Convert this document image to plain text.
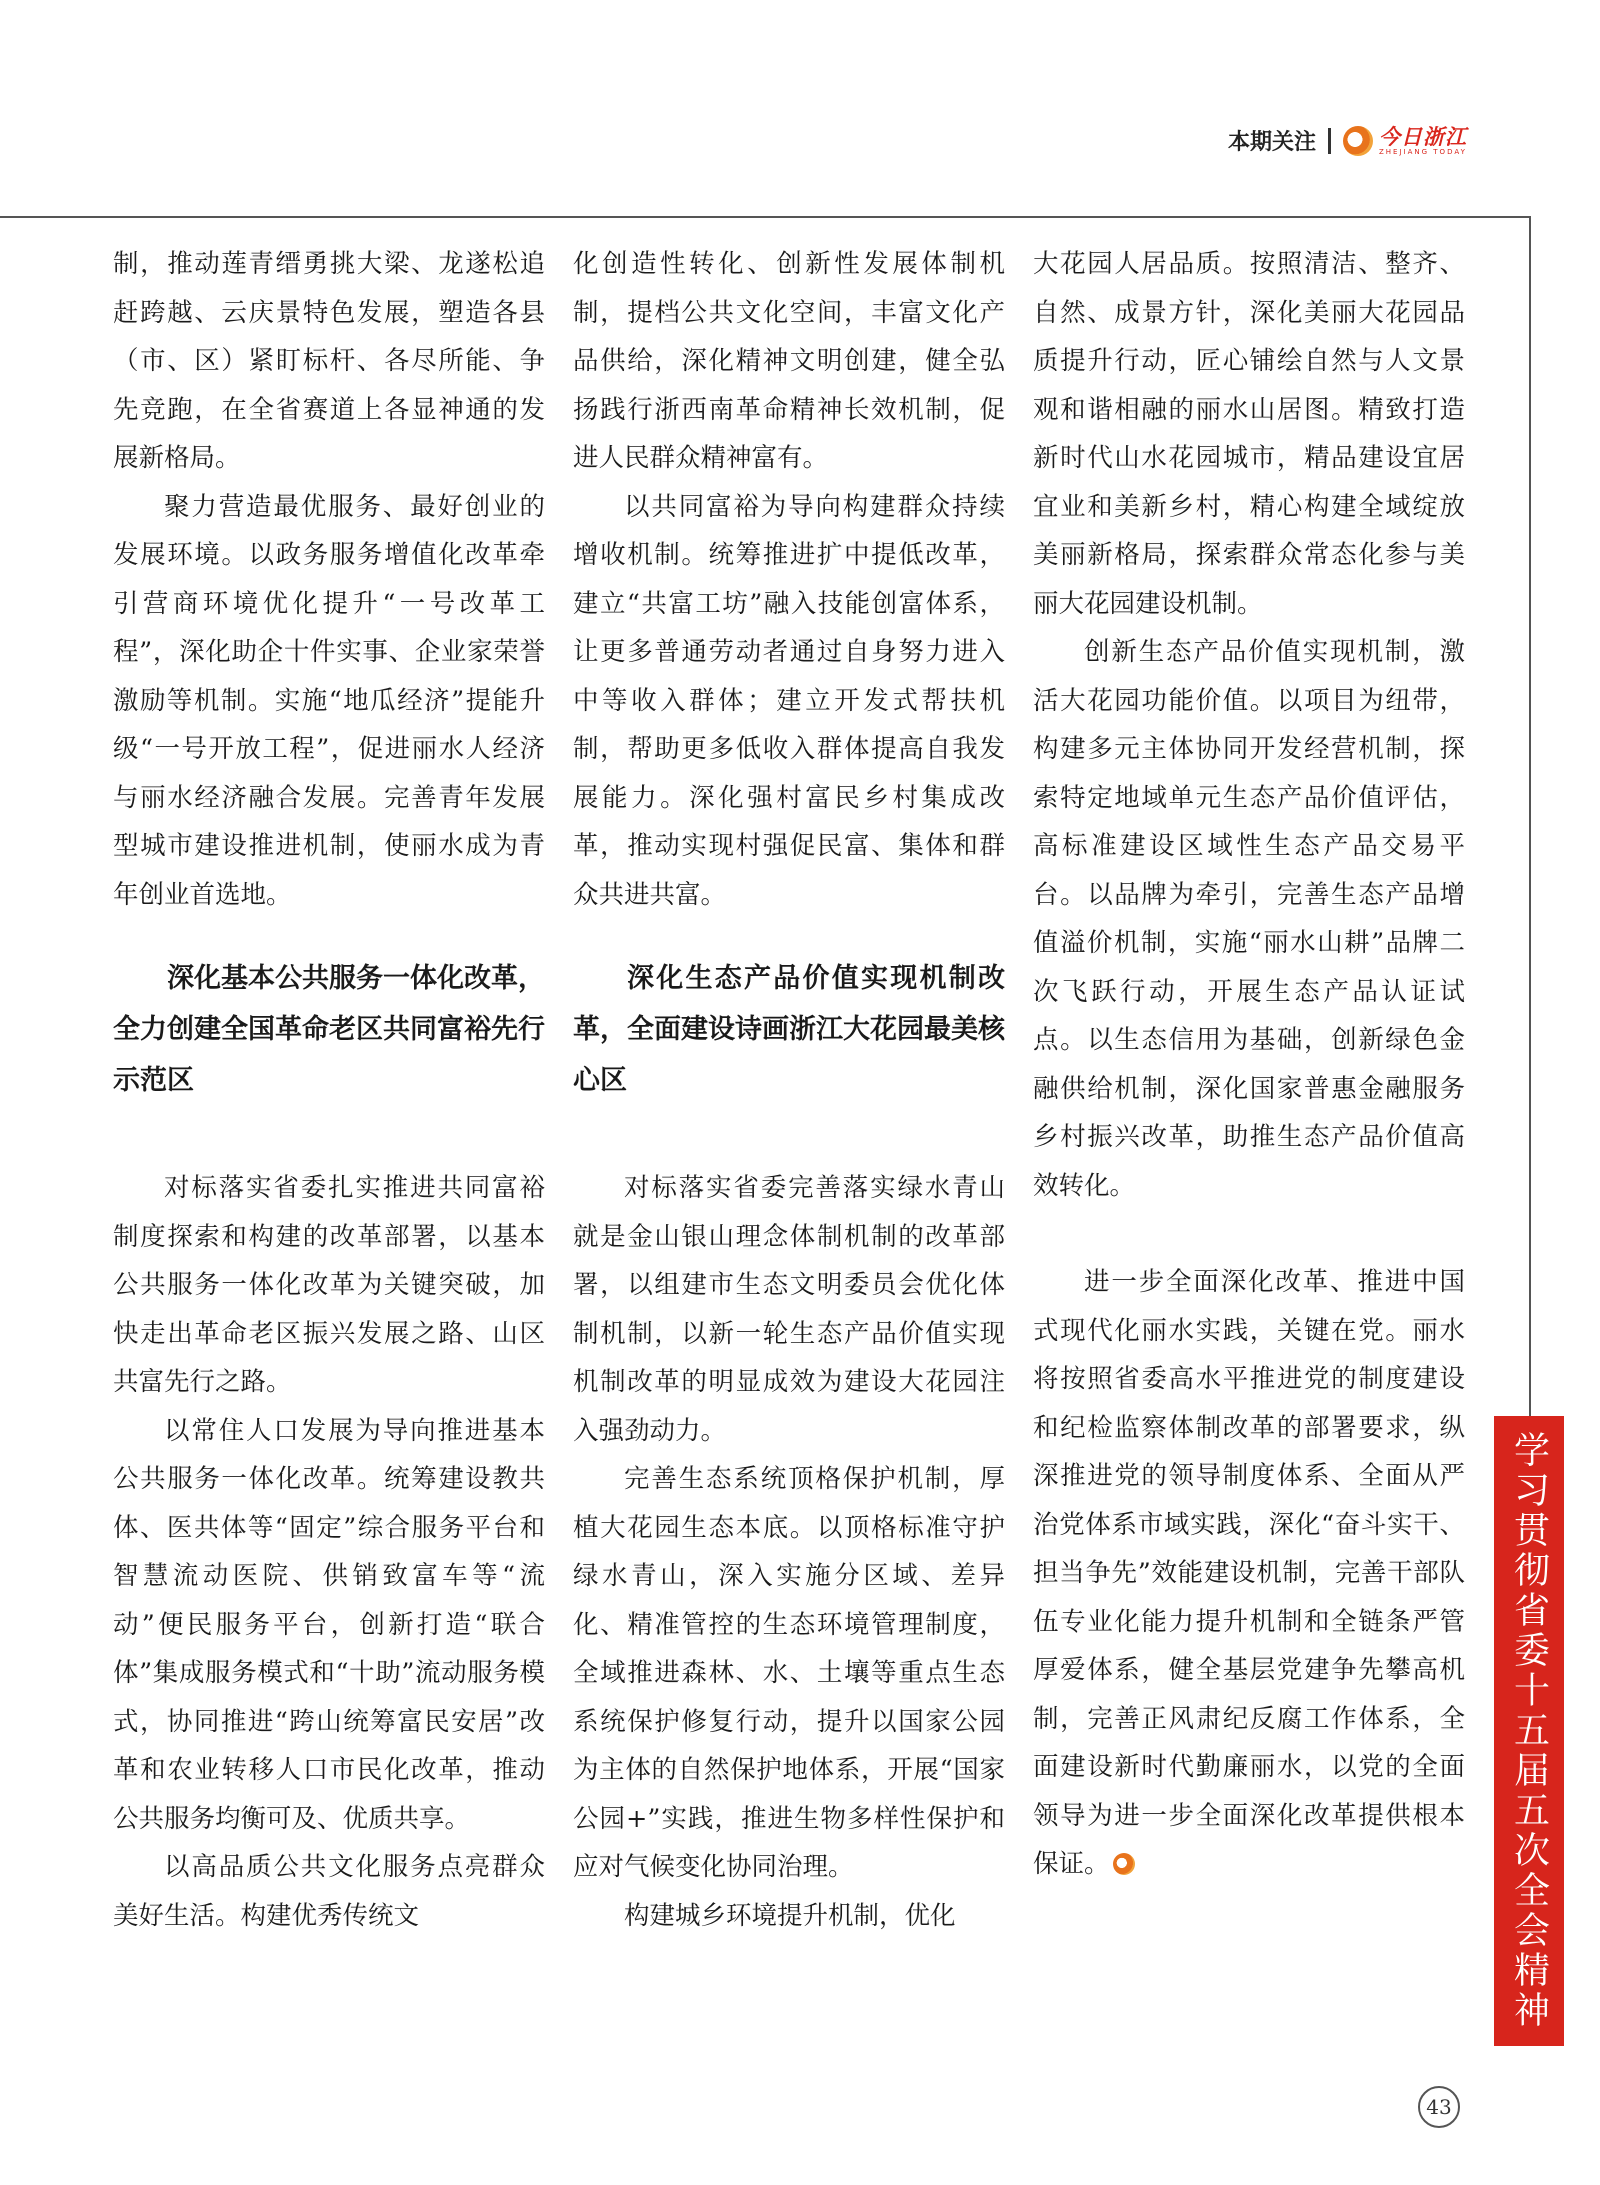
本期关注	今日浙江
ZHEJIANG TODAY

制，推动莲青缙勇挑大梁、龙遂松追赶跨越、云庆景特色发展，塑造各县（市、区）紧盯标杆、各尽所能、争先竞跑，在全省赛道上各显神通的发展新格局。

聚力营造最优服务、最好创业的发展环境。以政务服务增值化改革牵引营商环境优化提升“一号改革工程”，深化助企十件实事、企业家荣誉激励等机制。实施“地瓜经济”提能升级“一号开放工程”，促进丽水人经济与丽水经济融合发展。完善青年发展型城市建设推进机制，使丽水成为青年创业首选地。

深化基本公共服务一体化改革，全力创建全国革命老区共同富裕先行示范区

对标落实省委扎实推进共同富裕制度探索和构建的改革部署，以基本公共服务一体化改革为关键突破，加快走出革命老区振兴发展之路、山区共富先行之路。

以常住人口发展为导向推进基本公共服务一体化改革。统筹建设教共体、医共体等“固定”综合服务平台和智慧流动医院、供销致富车等“流动”便民服务平台，创新打造“联合体”集成服务模式和“十助”流动服务模式，协同推进“跨山统筹富民安居”改革和农业转移人口市民化改革，推动公共服务均衡可及、优质共享。

以高品质公共文化服务点亮群众美好生活。构建优秀传统文

化创造性转化、创新性发展体制机制，提档公共文化空间，丰富文化产品供给，深化精神文明创建，健全弘扬践行浙西南革命精神长效机制，促进人民群众精神富有。

以共同富裕为导向构建群众持续增收机制。统筹推进扩中提低改革，建立“共富工坊”融入技能创富体系，让更多普通劳动者通过自身努力进入中等收入群体；建立开发式帮扶机制，帮助更多低收入群体提高自我发展能力。深化强村富民乡村集成改革，推动实现村强促民富、集体和群众共进共富。

深化生态产品价值实现机制改革，全面建设诗画浙江大花园最美核心区

对标落实省委完善落实绿水青山就是金山银山理念体制机制的改革部署，以组建市生态文明委员会优化体制机制，以新一轮生态产品价值实现机制改革的明显成效为建设大花园注入强劲动力。

完善生态系统顶格保护机制，厚植大花园生态本底。以顶格标准守护绿水青山，深入实施分区域、差异化、精准管控的生态环境管理制度，全域推进森林、水、土壤等重点生态系统保护修复行动，提升以国家公园为主体的自然保护地体系，开展“国家公园+”实践，推进生物多样性保护和应对气候变化协同治理。

构建城乡环境提升机制，优化

大花园人居品质。按照清洁、整齐、自然、成景方针，深化美丽大花园品质提升行动，匠心铺绘自然与人文景观和谐相融的丽水山居图。精致打造新时代山水花园城市，精品建设宜居宜业和美新乡村，精心构建全域绽放美丽新格局，探索群众常态化参与美丽大花园建设机制。

创新生态产品价值实现机制，激活大花园功能价值。以项目为纽带，构建多元主体协同开发经营机制，探索特定地域单元生态产品价值评估，高标准建设区域性生态产品交易平台。以品牌为牵引，完善生态产品增值溢价机制，实施“丽水山耕”品牌二次飞跃行动，开展生态产品认证试点。以生态信用为基础，创新绿色金融供给机制，深化国家普惠金融服务乡村振兴改革，助推生态产品价值高效转化。

进一步全面深化改革、推进中国式现代化丽水实践，关键在党。丽水将按照省委高水平推进党的制度建设和纪检监察体制改革的部署要求，纵深推进党的领导制度体系、全面从严治党体系市域实践，深化“奋斗实干、担当争先”效能建设机制，完善干部队伍专业化能力提升机制和全链条严管厚爱体系，健全基层党建争先攀高机制，完善正风肃纪反腐工作体系，全面建设新时代勤廉丽水，以党的全面领导为进一步全面深化改革提供根本保证。	学习贯彻省委十五届五次全会精神
43
